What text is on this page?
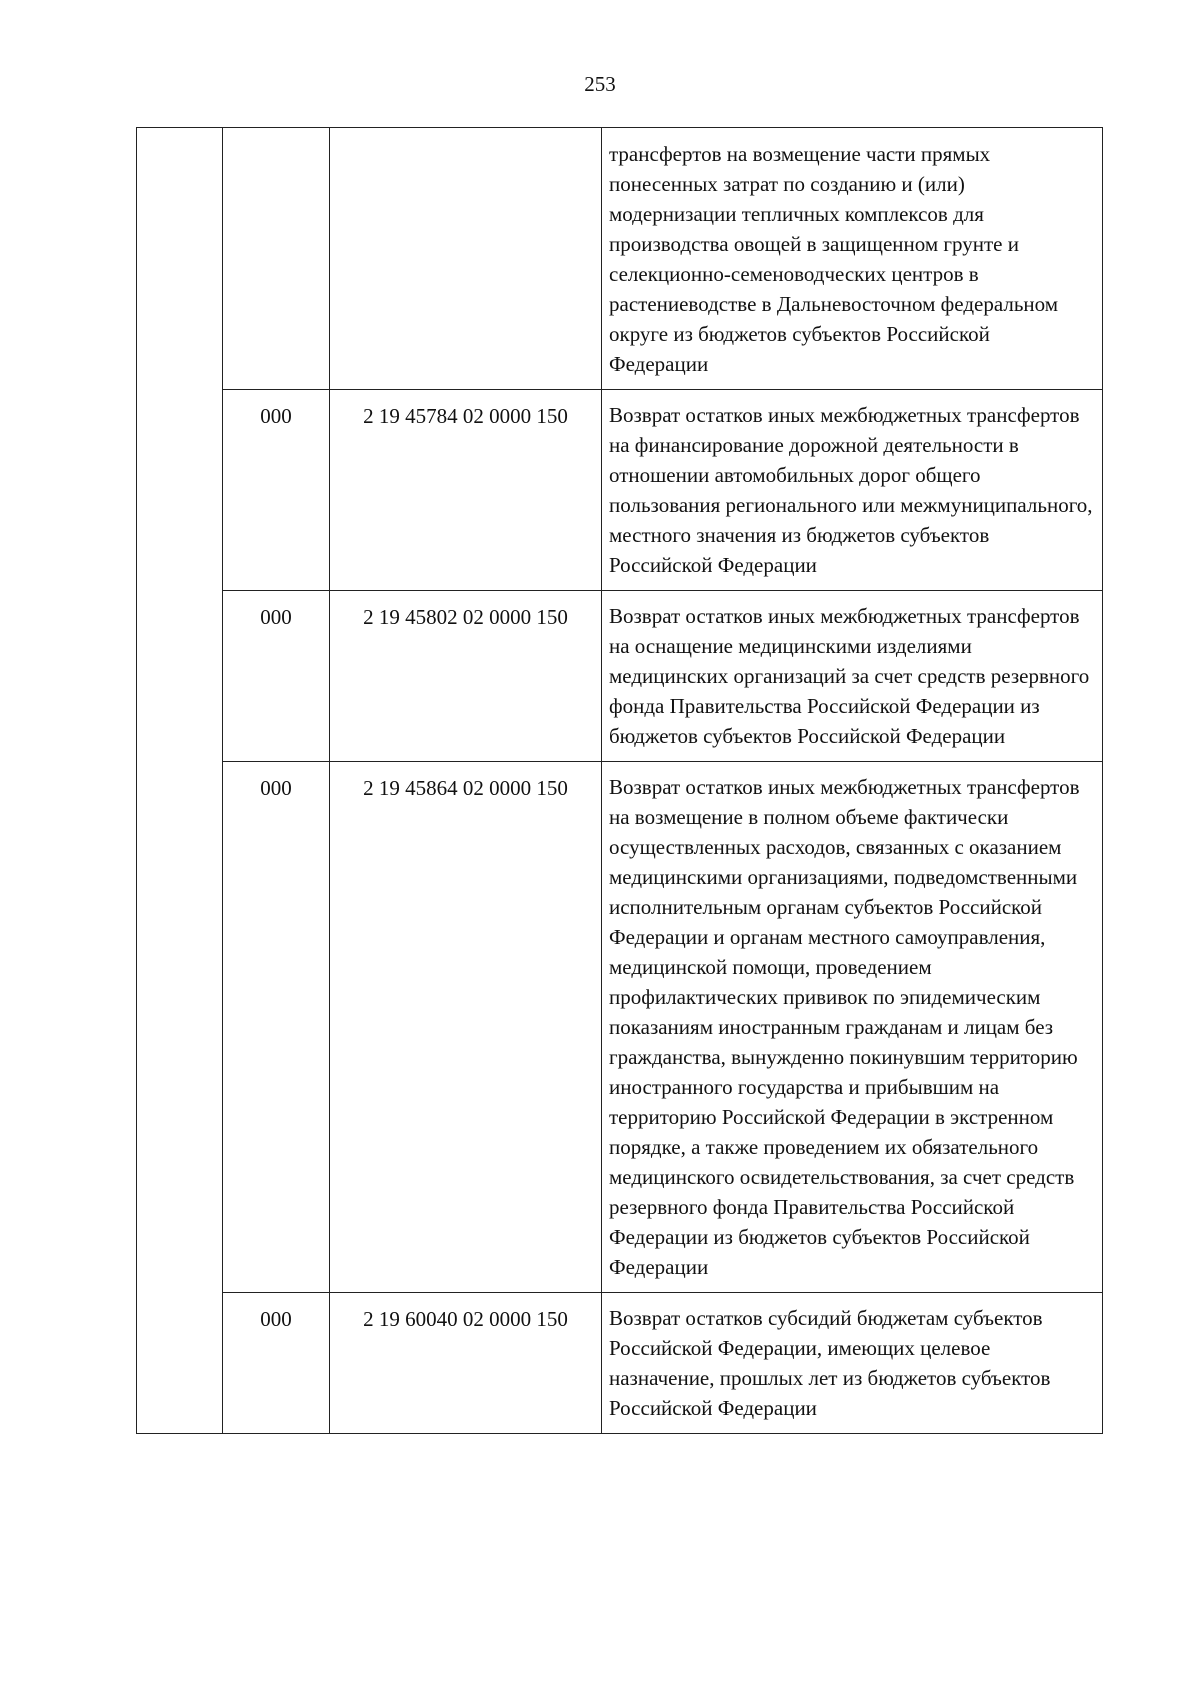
253
			трансфертов на возмещение части прямых понесенных затрат по созданию и (или) модернизации тепличных комплексов для производства овощей в защищенном грунте и селекционно-семеноводческих центров в растениеводстве в Дальневосточном федеральном округе из бюджетов субъектов Российской Федерации
	000	2 19 45784 02 0000 150	Возврат остатков иных межбюджетных трансфертов на финансирование дорожной деятельности в отношении автомобильных дорог общего пользования регионального или межмуниципального, местного значения из бюджетов субъектов Российской Федерации
	000	2 19 45802 02 0000 150	Возврат остатков иных межбюджетных трансфертов на оснащение медицинскими изделиями медицинских организаций за счет средств резервного фонда Правительства Российской Федерации из бюджетов субъектов Российской Федерации
	000	2 19 45864 02 0000 150	Возврат остатков иных межбюджетных трансфертов на возмещение в полном объеме фактически осуществленных расходов, связанных с оказанием медицинскими организациями, подведомственными исполнительным органам субъектов Российской Федерации и органам местного самоуправления, медицинской помощи, проведением профилактических прививок по эпидемическим показаниям иностранным гражданам и лицам без гражданства, вынужденно покинувшим территорию иностранного государства и прибывшим на территорию Российской Федерации в экстренном порядке, а также проведением их обязательного медицинского освидетельствования, за счет средств резервного фонда Правительства Российской Федерации из бюджетов субъектов Российской Федерации
	000	2 19 60040 02 0000 150	Возврат остатков субсидий бюджетам субъектов Российской Федерации, имеющих целевое назначение, прошлых лет из бюджетов субъектов Российской Федерации
